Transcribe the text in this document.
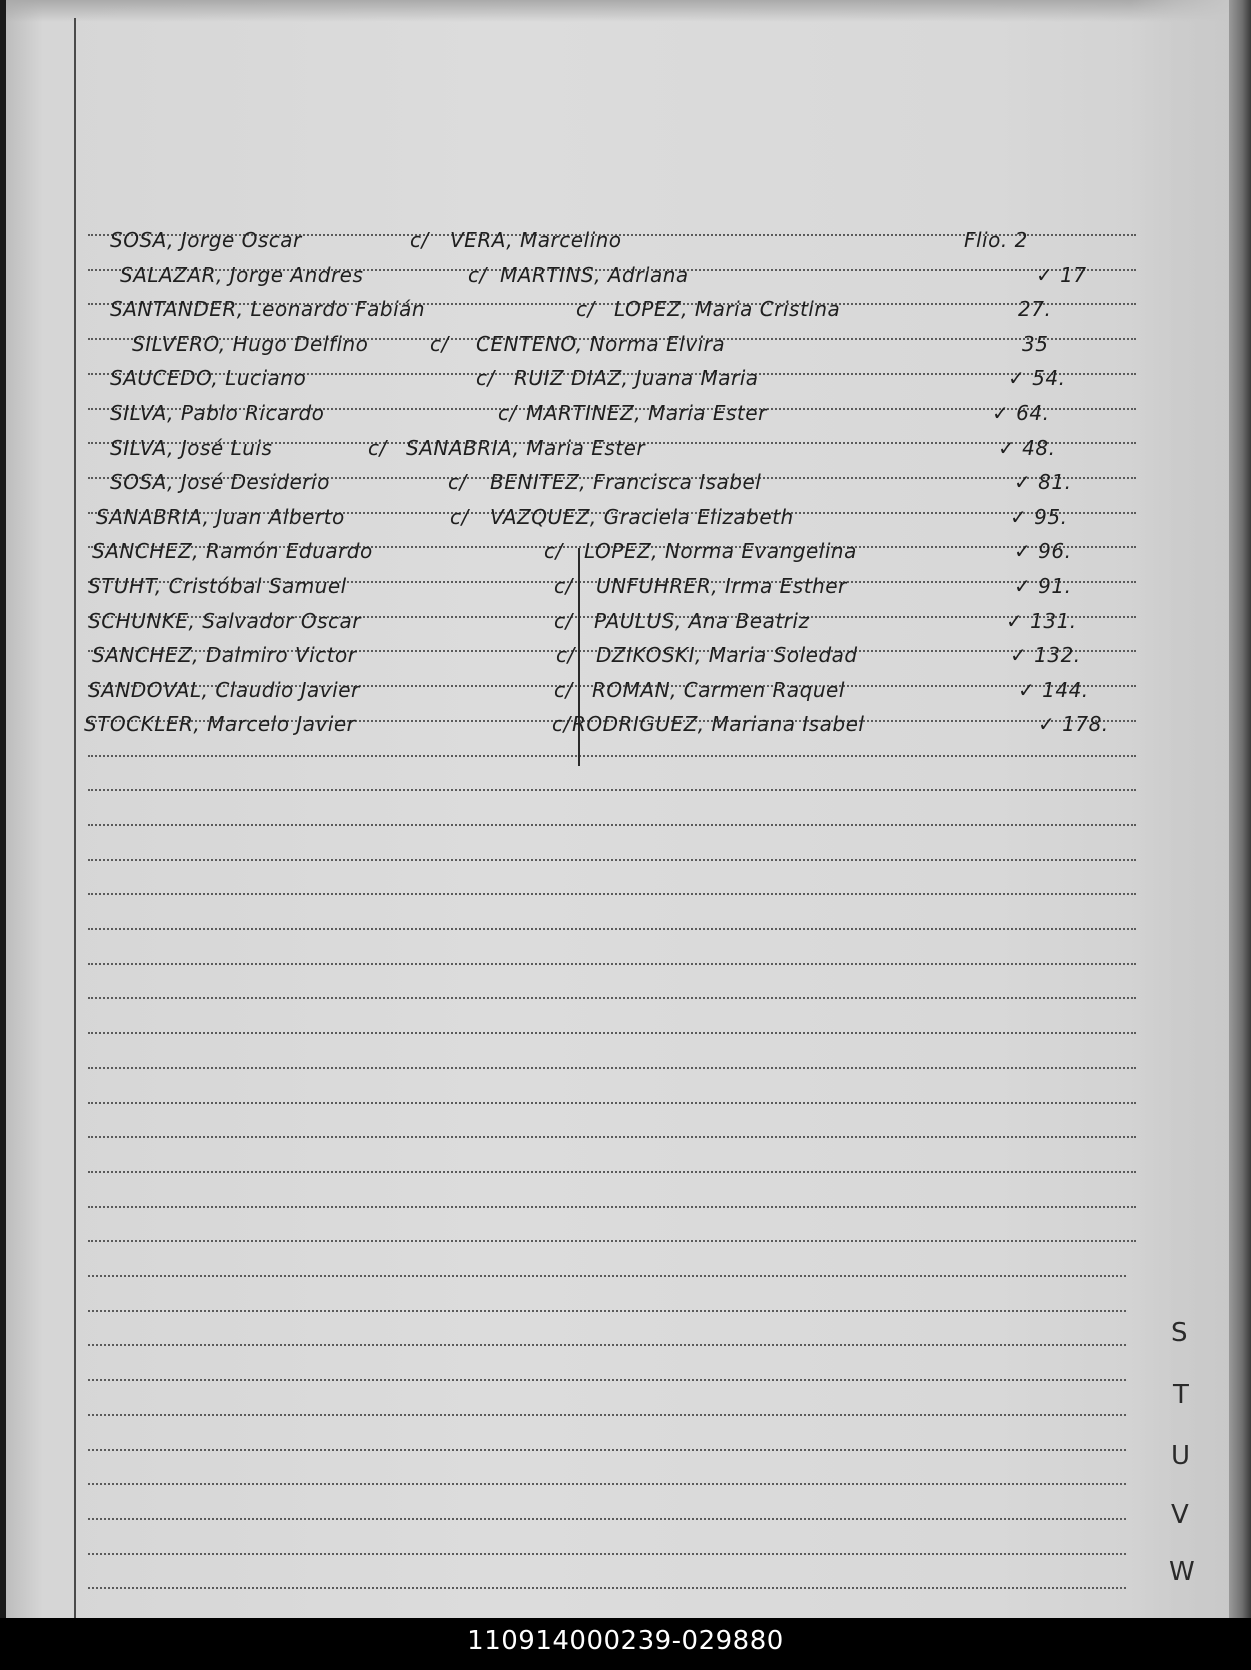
S
T
U
V
W
SOSA, Jorge Oscar	c/ VERA, Marcelino	Flio. 2
SALAZAR, Jorge Andres	c/ MARTINS, Adriana	✓ 17
SANTANDER, Leonardo Fabián	c/ LOPEZ, Maria Cristina	27.
SILVERO, Hugo Delfino	c/ CENTENO, Norma Elvira	35
SAUCEDO, Luciano	c/ RUIZ DIAZ, Juana Maria	✓ 54.
SILVA, Pablo Ricardo	c/ MARTINEZ, Maria Ester	✓ 64.
SILVA, José Luis	c/ SANABRIA, Maria Ester	✓ 48.
SOSA, José Desiderio	c/ BENITEZ, Francisca Isabel	✓ 81.
SANABRIA, Juan Alberto	c/ VAZQUEZ, Graciela Elizabeth	✓ 95.
SANCHEZ, Ramón Eduardo	c/ LOPEZ, Norma Evangelina	✓ 96.
STUHT, Cristóbal Samuel	c/ UNFUHRER, Irma Esther	✓ 91.
SCHUNKE, Salvador Oscar	c/ PAULUS, Ana Beatriz	✓ 131.
SANCHEZ, Dalmiro Victor	c/ DZIKOSKI, Maria Soledad	✓ 132.
SANDOVAL, Claudio Javier	c/ ROMAN, Carmen Raquel	✓ 144.
STOCKLER, Marcelo Javier	c/ RODRIGUEZ, Mariana Isabel	✓ 178.
110914000239-029880
